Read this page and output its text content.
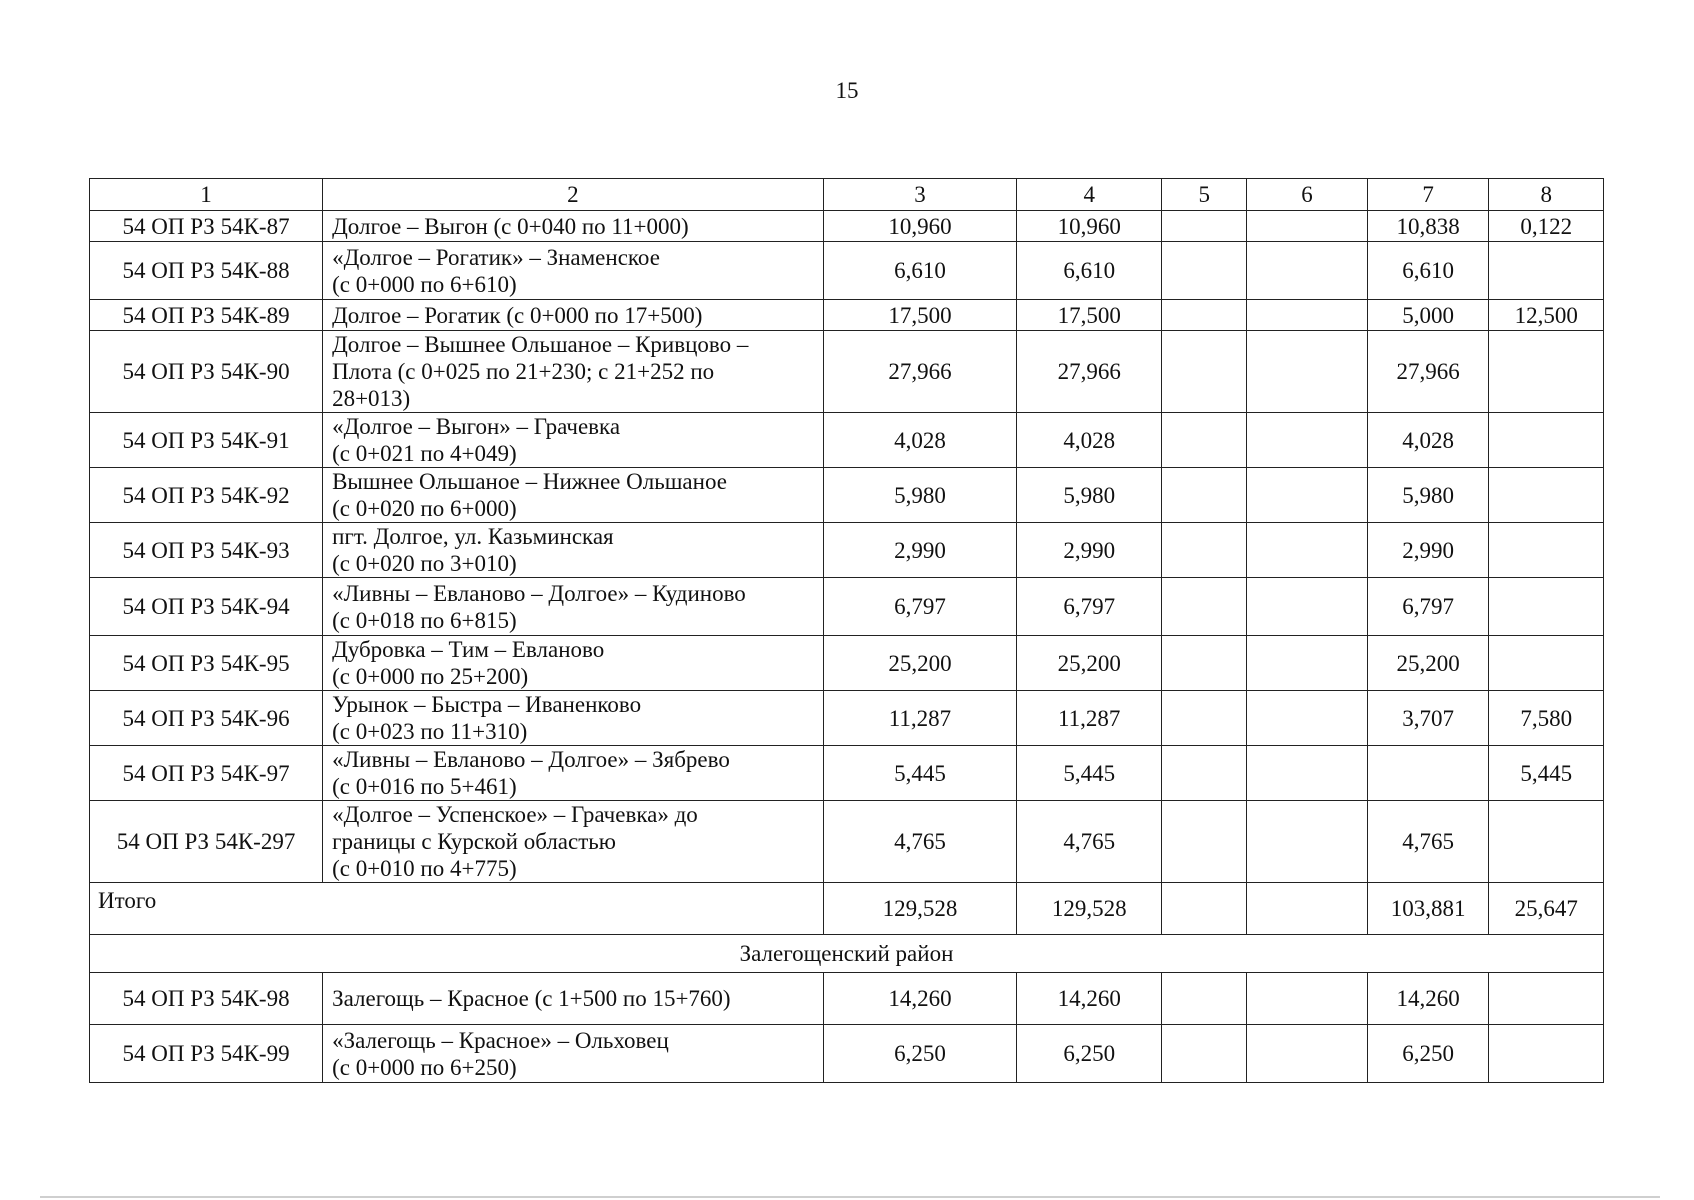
15
1	2	3	4	5	6	7	8
54 ОП РЗ 54К-87	Долгое – Выгон (с 0+040 по 11+000)	10,960	10,960			10,838	0,122
54 ОП РЗ 54К-88	«Долгое – Рогатик» – Знаменское
(с 0+000 по 6+610)	6,610	6,610			6,610	
54 ОП РЗ 54К-89	Долгое – Рогатик (с 0+000 по 17+500)	17,500	17,500			5,000	12,500
54 ОП РЗ 54К-90	Долгое – Вышнее Ольшаное – Кривцово –
Плота (с 0+025 по 21+230; с 21+252 по
28+013)	27,966	27,966			27,966	
54 ОП РЗ 54К-91	«Долгое – Выгон» – Грачевка
(с 0+021 по 4+049)	4,028	4,028			4,028	
54 ОП РЗ 54К-92	Вышнее Ольшаное – Нижнее Ольшаное
(с 0+020 по 6+000)	5,980	5,980			5,980	
54 ОП РЗ 54К-93	пгт. Долгое, ул. Казьминская
(с 0+020 по 3+010)	2,990	2,990			2,990	
54 ОП РЗ 54К-94	«Ливны – Евланово – Долгое» – Кудиново
(с 0+018 по 6+815)	6,797	6,797			6,797	
54 ОП РЗ 54К-95	Дубровка – Тим – Евланово
(с 0+000 по 25+200)	25,200	25,200			25,200	
54 ОП РЗ 54К-96	Урынок – Быстра – Иваненково
(с 0+023 по 11+310)	11,287	11,287			3,707	7,580
54 ОП РЗ 54К-97	«Ливны – Евланово – Долгое» – Зябрево
(с 0+016 по 5+461)	5,445	5,445				5,445
54 ОП РЗ 54К-297	«Долгое – Успенское» – Грачевка» до
границы с Курской областью
(с 0+010 по 4+775)	4,765	4,765			4,765	
Итого		129,528	129,528			103,881	25,647
Залегощенский район							
54 ОП РЗ 54К-98	Залегощь – Красное (с 1+500 по 15+760)	14,260	14,260			14,260	
54 ОП РЗ 54К-99	«Залегощь – Красное» – Ольховец
(с 0+000 по 6+250)	6,250	6,250			6,250	
